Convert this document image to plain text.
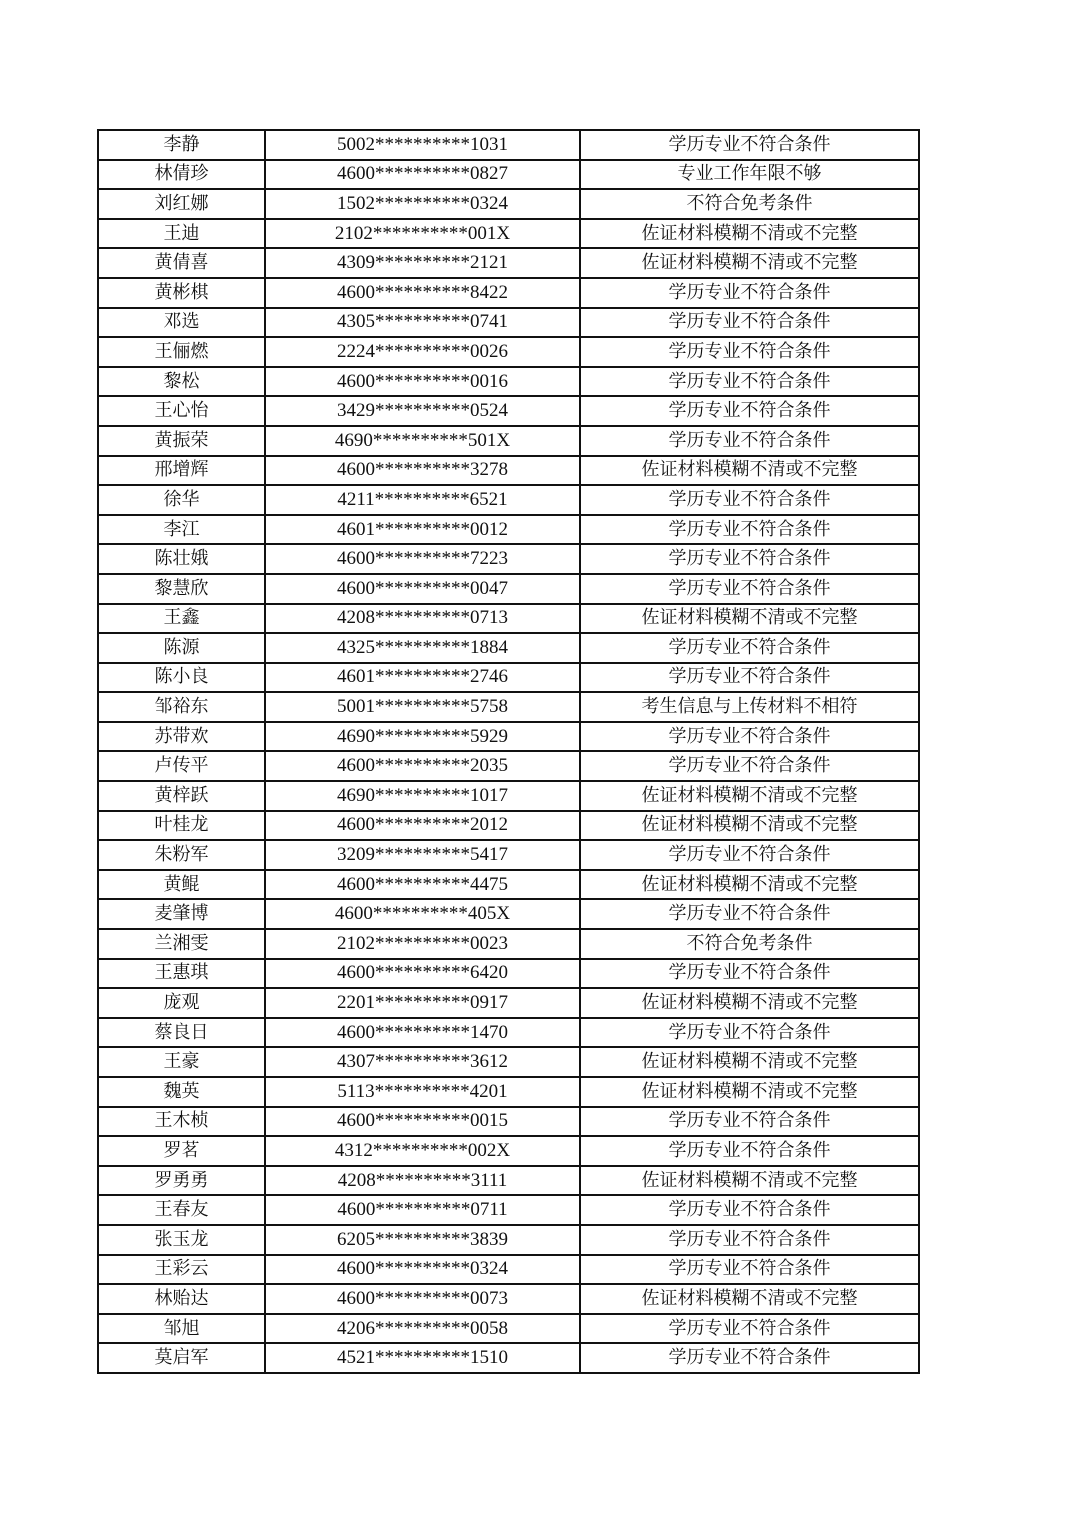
李静	5002**********1031	学历专业不符合条件
林倩珍	4600**********0827	专业工作年限不够
刘红娜	1502**********0324	不符合免考条件
王迪	2102**********001X	佐证材料模糊不清或不完整
黄倩喜	4309**********2121	佐证材料模糊不清或不完整
黄彬棋	4600**********8422	学历专业不符合条件
邓选	4305**********0741	学历专业不符合条件
王俪燃	2224**********0026	学历专业不符合条件
黎松	4600**********0016	学历专业不符合条件
王心怡	3429**********0524	学历专业不符合条件
黄振荣	4690**********501X	学历专业不符合条件
邢增辉	4600**********3278	佐证材料模糊不清或不完整
徐华	4211**********6521	学历专业不符合条件
李江	4601**********0012	学历专业不符合条件
陈壮娥	4600**********7223	学历专业不符合条件
黎慧欣	4600**********0047	学历专业不符合条件
王鑫	4208**********0713	佐证材料模糊不清或不完整
陈源	4325**********1884	学历专业不符合条件
陈小良	4601**********2746	学历专业不符合条件
邹裕东	5001**********5758	考生信息与上传材料不相符
苏带欢	4690**********5929	学历专业不符合条件
卢传平	4600**********2035	学历专业不符合条件
黄梓跃	4690**********1017	佐证材料模糊不清或不完整
叶桂龙	4600**********2012	佐证材料模糊不清或不完整
朱粉军	3209**********5417	学历专业不符合条件
黄鲲	4600**********4475	佐证材料模糊不清或不完整
麦肇博	4600**********405X	学历专业不符合条件
兰湘雯	2102**********0023	不符合免考条件
王惠琪	4600**********6420	学历专业不符合条件
庞观	2201**********0917	佐证材料模糊不清或不完整
蔡良日	4600**********1470	学历专业不符合条件
王豪	4307**********3612	佐证材料模糊不清或不完整
魏英	5113**********4201	佐证材料模糊不清或不完整
王木桢	4600**********0015	学历专业不符合条件
罗茗	4312**********002X	学历专业不符合条件
罗勇勇	4208**********3111	佐证材料模糊不清或不完整
王春友	4600**********0711	学历专业不符合条件
张玉龙	6205**********3839	学历专业不符合条件
王彩云	4600**********0324	学历专业不符合条件
林贻达	4600**********0073	佐证材料模糊不清或不完整
邹旭	4206**********0058	学历专业不符合条件
莫启军	4521**********1510	学历专业不符合条件
